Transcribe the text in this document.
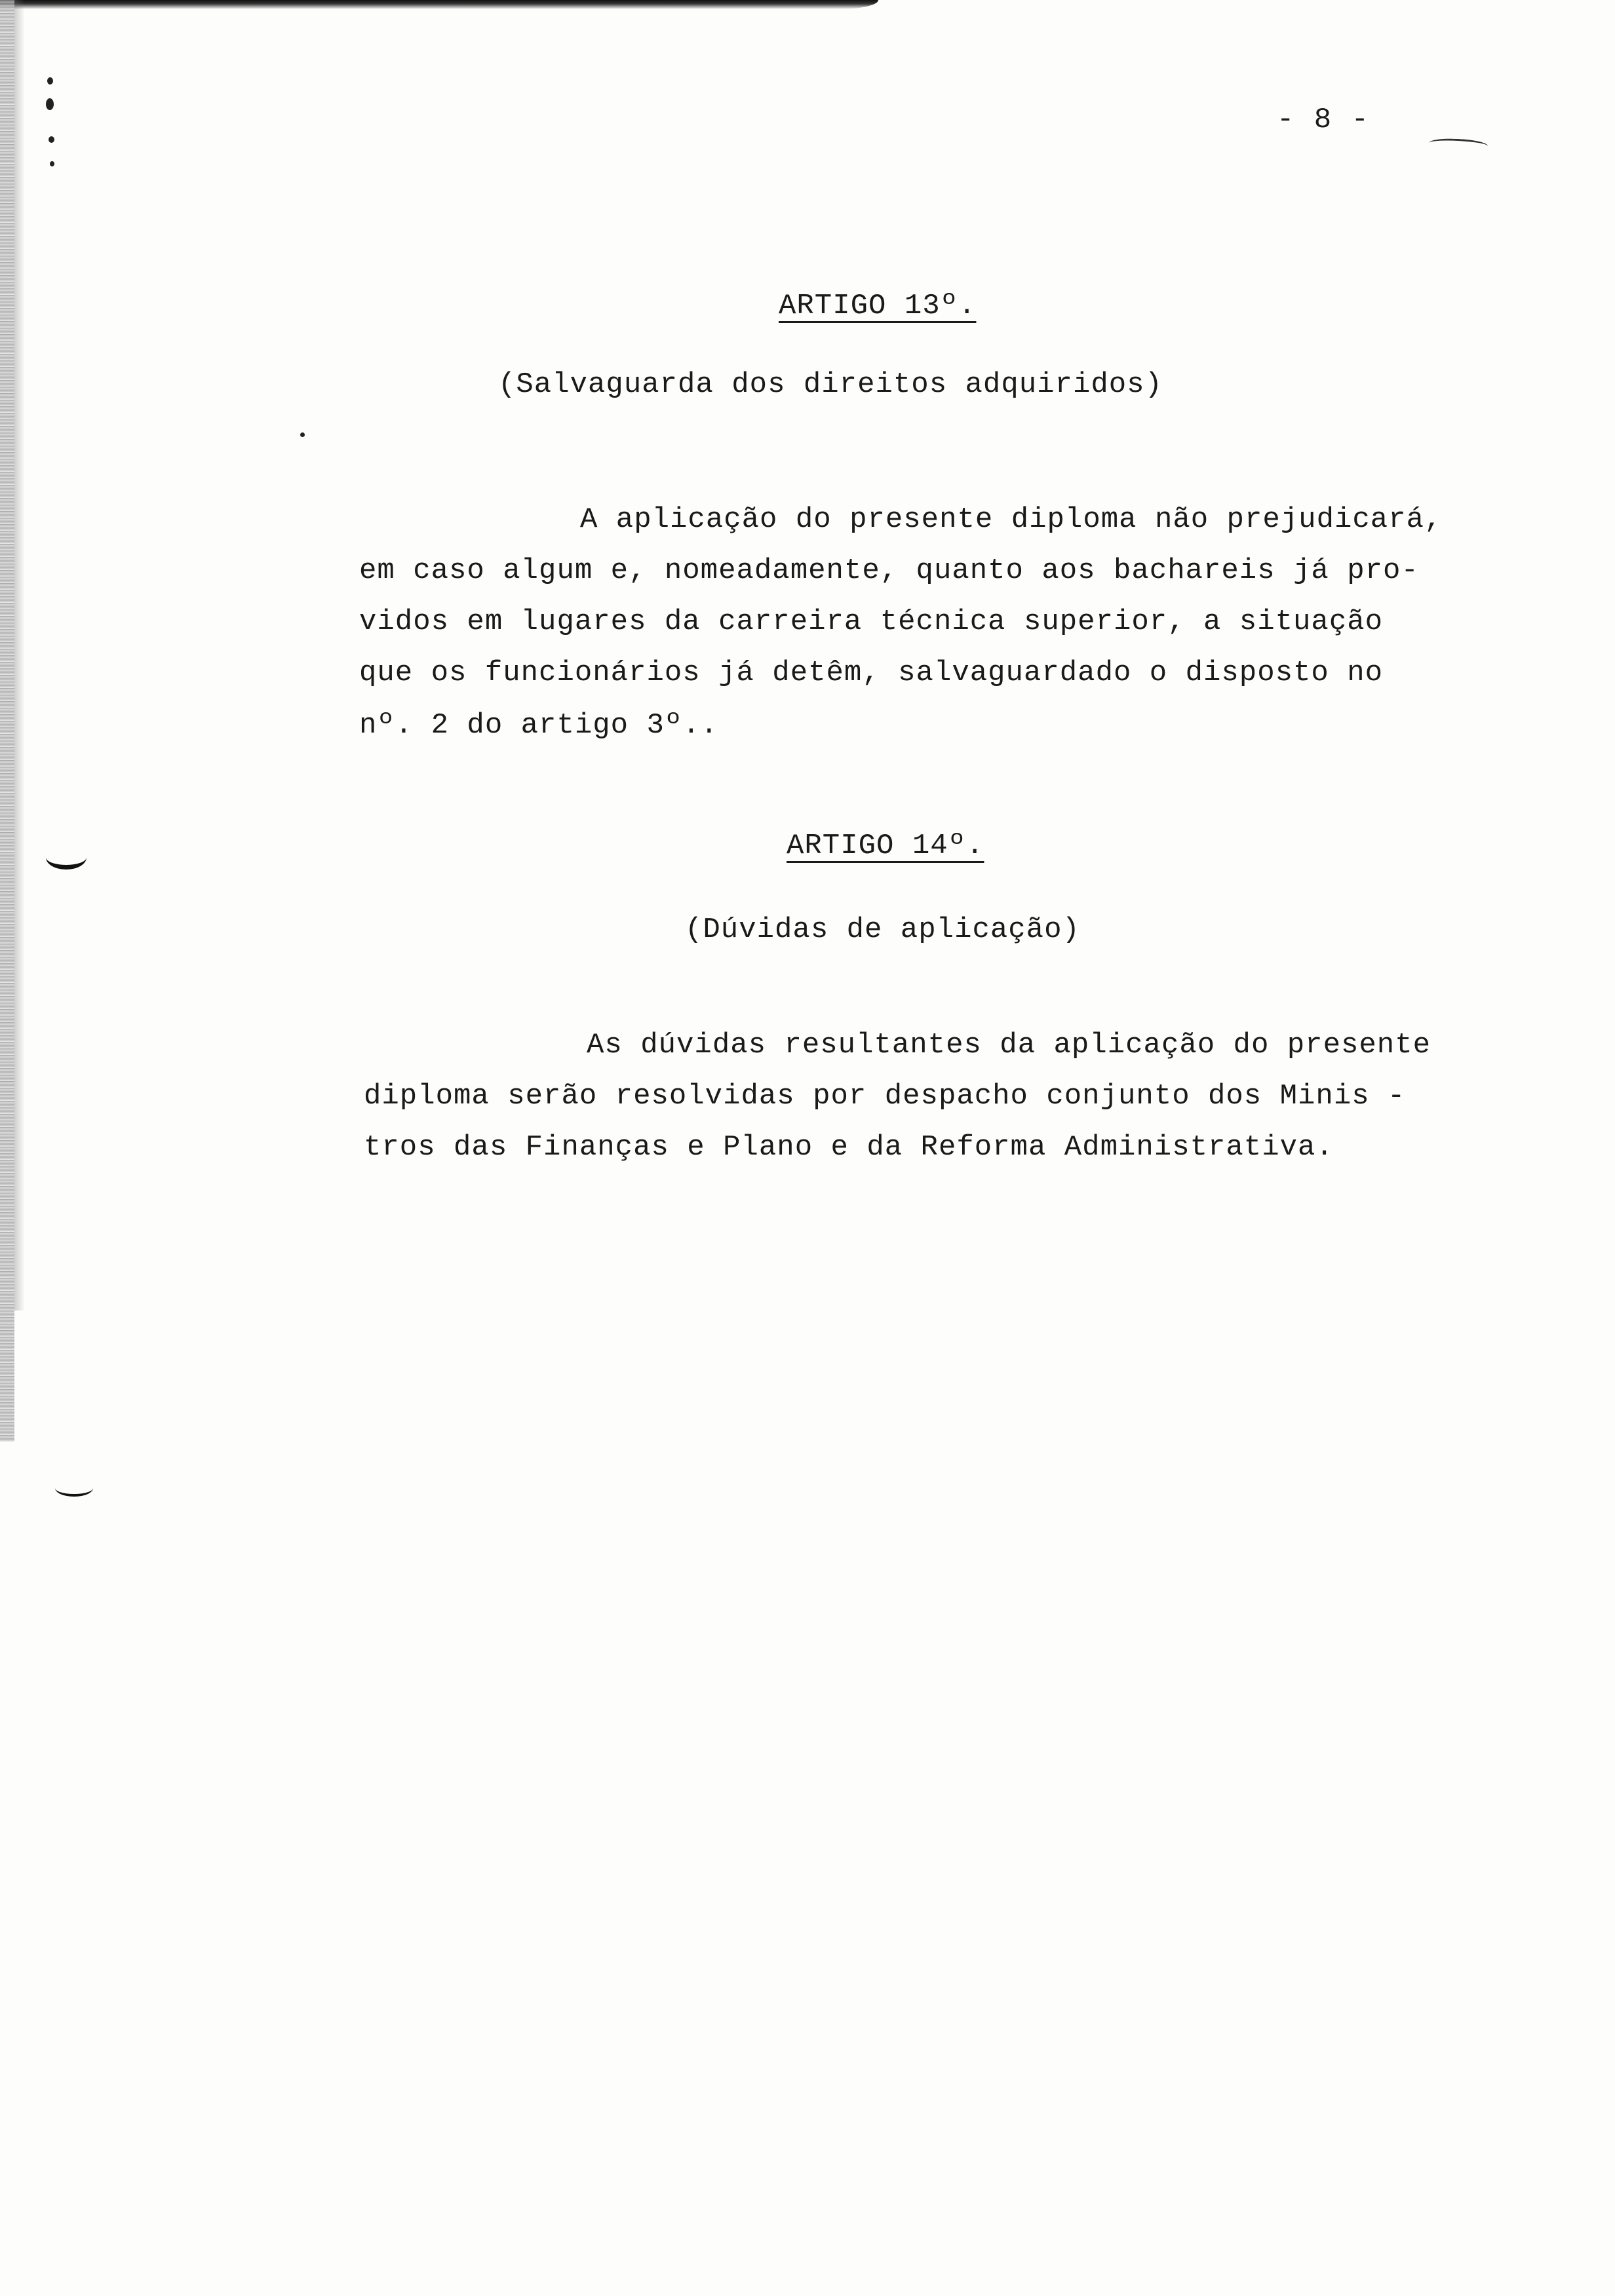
- 8 -
ARTIGO 13º.
(Salvaguarda dos direitos adquiridos)
A aplicação do presente diploma não prejudicará,
em caso algum e, nomeadamente, quanto aos bachareis já pro-
vidos em lugares da carreira técnica superior, a situação
que os funcionários já detêm, salvaguardado o disposto no
nº. 2 do artigo 3º..
ARTIGO 14º.
(Dúvidas de aplicação)
As dúvidas resultantes da aplicação do presente
diploma serão resolvidas por despacho conjunto dos Minis -
tros das Finanças e Plano e da Reforma Administrativa.
